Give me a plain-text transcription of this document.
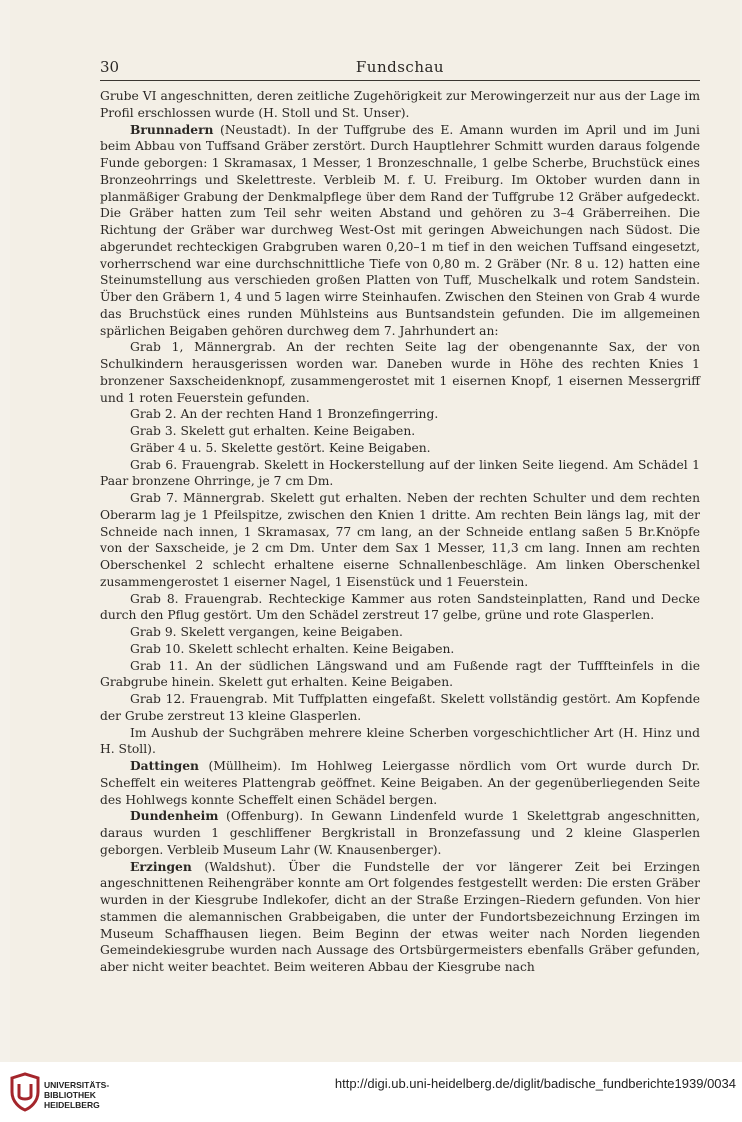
30	Fundschau

Grube VI angeschnitten, deren zeitliche Zugehörigkeit zur Merowingerzeit nur aus der Lage im Profil erschlossen wurde (H. Stoll und St. Unser).

Brunnadern (Neustadt). In der Tuffgrube des E. Amann wurden im April und im Juni beim Abbau von Tuffsand Gräber zerstört. Durch Hauptlehrer Schmitt wurden daraus folgende Funde geborgen: 1 Skramasax, 1 Messer, 1 Bronzeschnalle, 1 gelbe Scherbe, Bruchstück eines Bronzeohrrings und Skelettreste. Verbleib M. f. U. Freiburg. Im Oktober wurden dann in planmäßiger Grabung der Denkmalpflege über dem Rand der Tuffgrube 12 Gräber aufgedeckt. Die Gräber hatten zum Teil sehr weiten Abstand und gehören zu 3–4 Gräberreihen. Die Richtung der Gräber war durchweg West-Ost mit geringen Abweichungen nach Südost. Die abgerundet rechteckigen Grabgruben waren 0,20–1 m tief in den weichen Tuffsand eingesetzt, vorherrschend war eine durchschnittliche Tiefe von 0,80 m. 2 Gräber (Nr. 8 u. 12) hatten eine Steinumstellung aus verschieden großen Platten von Tuff, Muschelkalk und rotem Sandstein. Über den Gräbern 1, 4 und 5 lagen wirre Steinhaufen. Zwischen den Steinen von Grab 4 wurde das Bruchstück eines runden Mühlsteins aus Buntsandstein gefunden. Die im allgemeinen spärlichen Beigaben gehören durchweg dem 7. Jahrhundert an:

Grab 1, Männergrab. An der rechten Seite lag der obengenannte Sax, der von Schulkindern herausgerissen worden war. Daneben wurde in Höhe des rechten Knies 1 bronzener Saxscheidenknopf, zusammengerostet mit 1 eisernen Knopf, 1 eisernen Messergriff und 1 roten Feuerstein gefunden.

Grab 2. An der rechten Hand 1 Bronzefingerring.

Grab 3. Skelett gut erhalten. Keine Beigaben.

Gräber 4 u. 5. Skelette gestört. Keine Beigaben.

Grab 6. Frauengrab. Skelett in Hockerstellung auf der linken Seite liegend. Am Schädel 1 Paar bronzene Ohrringe, je 7 cm Dm.

Grab 7. Männergrab. Skelett gut erhalten. Neben der rechten Schulter und dem rechten Oberarm lag je 1 Pfeilspitze, zwischen den Knien 1 dritte. Am rechten Bein längs lag, mit der Schneide nach innen, 1 Skramasax, 77 cm lang, an der Schneide entlang saßen 5 Br.Knöpfe von der Saxscheide, je 2 cm Dm. Unter dem Sax 1 Messer, 11,3 cm lang. Innen am rechten Oberschenkel 2 schlecht erhaltene eiserne Schnallenbeschläge. Am linken Oberschenkel zusammengerostet 1 eiserner Nagel, 1 Eisenstück und 1 Feuerstein.

Grab 8. Frauengrab. Rechteckige Kammer aus roten Sandsteinplatten, Rand und Decke durch den Pflug gestört. Um den Schädel zerstreut 17 gelbe, grüne und rote Glasperlen.

Grab 9. Skelett vergangen, keine Beigaben.

Grab 10. Skelett schlecht erhalten. Keine Beigaben.

Grab 11. An der südlichen Längswand und am Fußende ragt der Tufffteinfels in die Grabgrube hinein. Skelett gut erhalten. Keine Beigaben.

Grab 12. Frauengrab. Mit Tuffplatten eingefaßt. Skelett vollständig gestört. Am Kopfende der Grube zerstreut 13 kleine Glasperlen.

Im Aushub der Suchgräben mehrere kleine Scherben vorgeschichtlicher Art (H. Hinz und H. Stoll).

Dattingen (Müllheim). Im Hohlweg Leiergasse nördlich vom Ort wurde durch Dr. Scheffelt ein weiteres Plattengrab geöffnet. Keine Beigaben. An der gegenüberliegenden Seite des Hohlwegs konnte Scheffelt einen Schädel bergen.

Dundenheim (Offenburg). In Gewann Lindenfeld wurde 1 Skelettgrab angeschnitten, daraus wurden 1 geschliffener Bergkristall in Bronzefassung und 2 kleine Glasperlen geborgen. Verbleib Museum Lahr (W. Knausenberger).

Erzingen (Waldshut). Über die Fundstelle der vor längerer Zeit bei Erzingen angeschnittenen Reihengräber konnte am Ort folgendes festgestellt werden: Die ersten Gräber wurden in der Kiesgrube Indlekofer, dicht an der Straße Erzingen–Riedern gefunden. Von hier stammen die alemannischen Grabbeigaben, die unter der Fundortsbezeichnung Erzingen im Museum Schaffhausen liegen. Beim Beginn der etwas weiter nach Norden liegenden Gemeindekiesgrube wurden nach Aussage des Ortsbürgermeisters ebenfalls Gräber gefunden, aber nicht weiter beachtet. Beim weiteren Abbau der Kiesgrube nach

UNIVERSITÄTS-
BIBLIOTHEK
HEIDELBERG
http://digi.ub.uni-heidelberg.de/diglit/badische_fundberichte1939/0034
